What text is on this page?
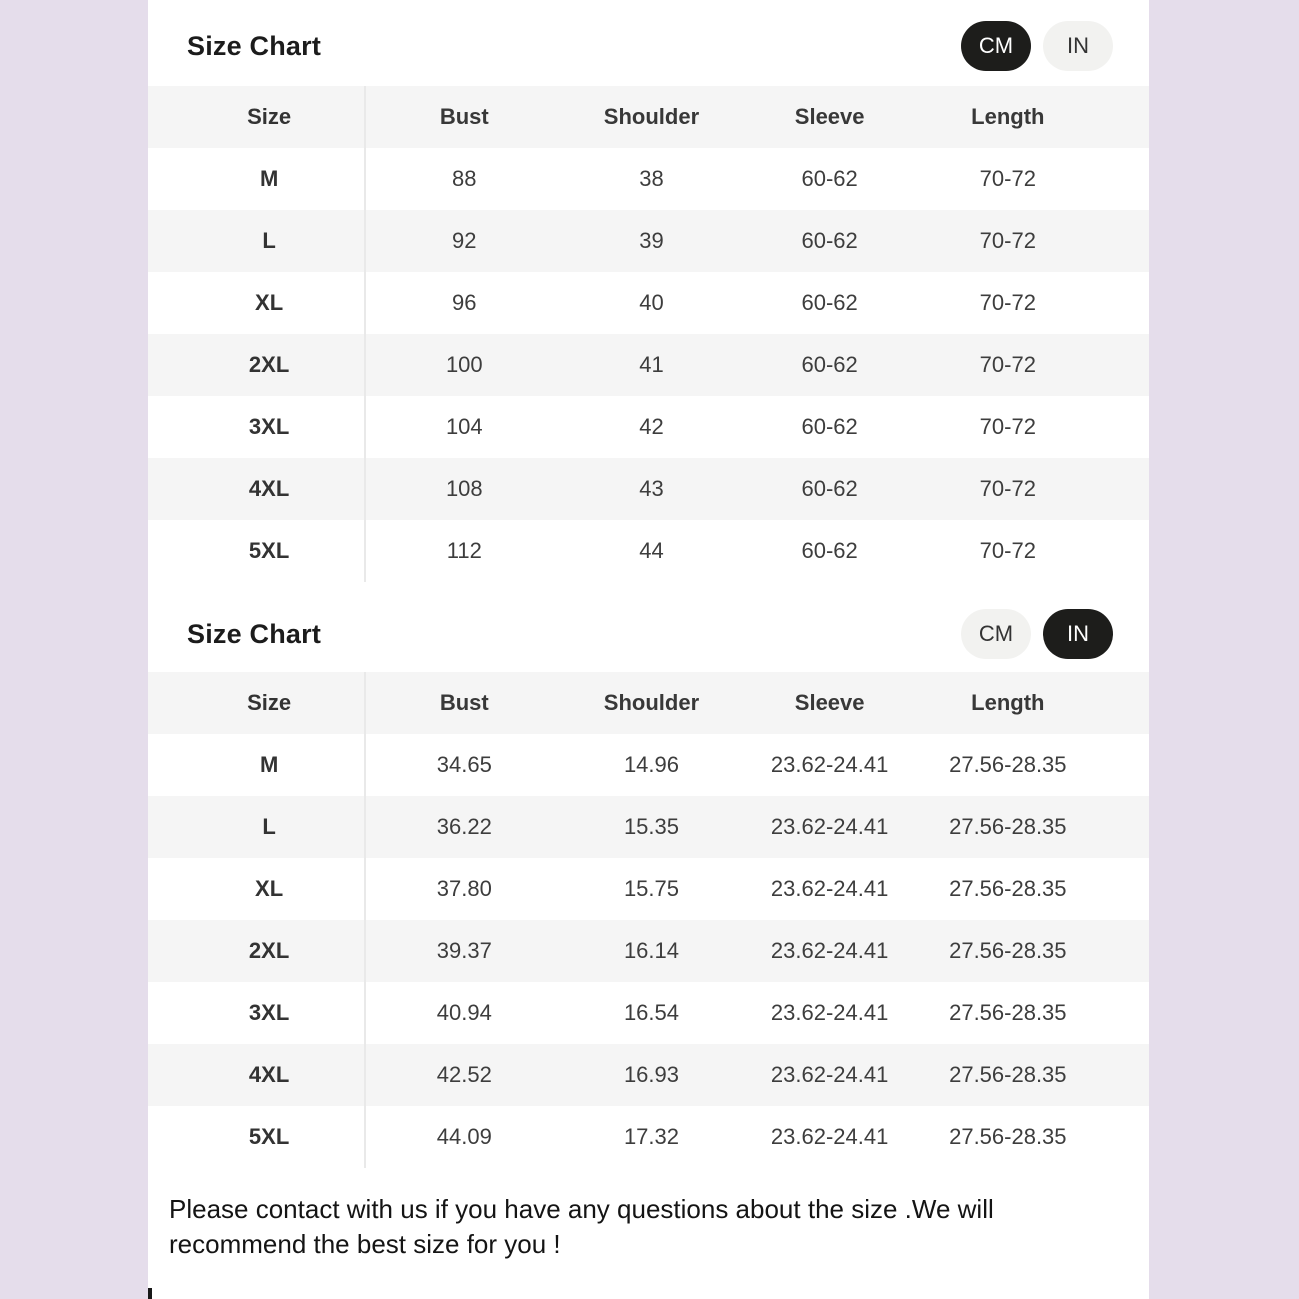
Size Chart	CM	IN
Size	Bust	Shoulder	Sleeve	Length	
M	88	38	60-62	70-72	
L	92	39	60-62	70-72	
XL	96	40	60-62	70-72	
2XL	100	41	60-62	70-72	
3XL	104	42	60-62	70-72	
4XL	108	43	60-62	70-72	
5XL	112	44	60-62	70-72	
Size Chart	CM	IN
Size	Bust	Shoulder	Sleeve	Length	
M	34.65	14.96	23.62-24.41	27.56-28.35	
L	36.22	15.35	23.62-24.41	27.56-28.35	
XL	37.80	15.75	23.62-24.41	27.56-28.35	
2XL	39.37	16.14	23.62-24.41	27.56-28.35	
3XL	40.94	16.54	23.62-24.41	27.56-28.35	
4XL	42.52	16.93	23.62-24.41	27.56-28.35	
5XL	44.09	17.32	23.62-24.41	27.56-28.35	

Please contact with us if you have any questions about the size .We will recommend the best size for you !
